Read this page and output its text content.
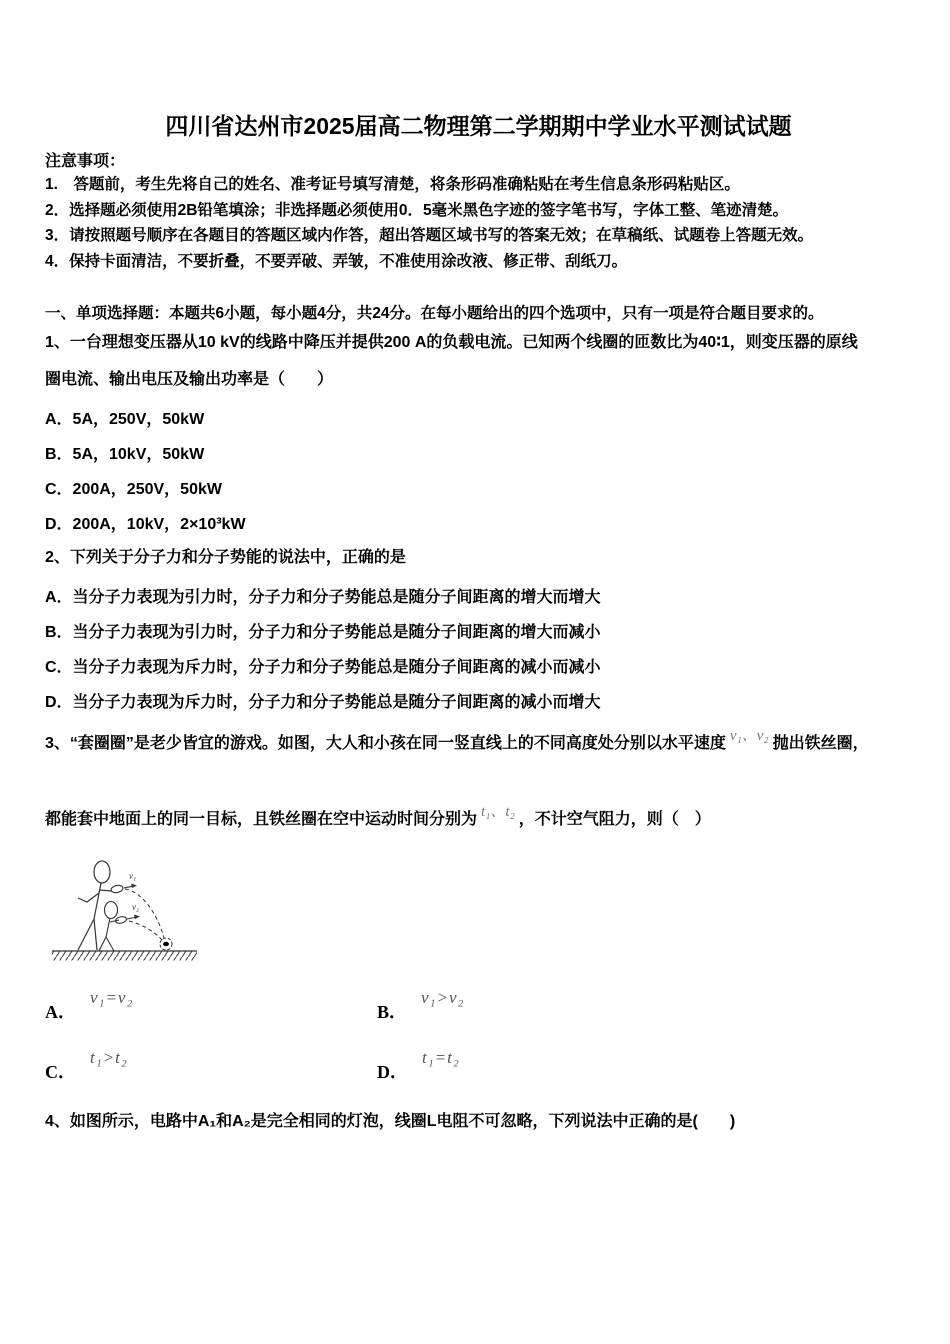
四川省达州市2025届高二物理第二学期期中学业水平测试试题
注意事项：
1.　答题前，考生先将自己的姓名、准考证号填写清楚，将条形码准确粘贴在考生信息条形码粘贴区。
2．选择题必须使用2B铅笔填涂；非选择题必须使用0．5毫米黑色字迹的签字笔书写，字体工整、笔迹清楚。
3．请按照题号顺序在各题目的答题区域内作答，超出答题区域书写的答案无效；在草稿纸、试题卷上答题无效。
4．保持卡面清洁，不要折叠，不要弄破、弄皱，不准使用涂改液、修正带、刮纸刀。
一、单项选择题：本题共6小题，每小题4分，共24分。在每小题给出的四个选项中，只有一项是符合题目要求的。
1、一台理想变压器从10 kV的线路中降压并提供200 A的负载电流。已知两个线圈的匝数比为40∶1，则变压器的原线
圈电流、输出电压及输出功率是（　　）
A．5A，250V，50kW
B．5A，10kV，50kW
C．200A，250V，50kW
D．200A，10kV，2×10³kW
2、下列关于分子力和分子势能的说法中，正确的是
A．当分子力表现为引力时，分子力和分子势能总是随分子间距离的增大而增大
B．当分子力表现为引力时，分子力和分子势能总是随分子间距离的增大而减小
C．当分子力表现为斥力时，分子力和分子势能总是随分子间距离的减小而减小
D．当分子力表现为斥力时，分子力和分子势能总是随分子间距离的减小而增大
3、“套圈圈”是老少皆宜的游戏。如图，大人和小孩在同一竖直线上的不同高度处分别以水平速度 v₁、v₂ 抛出铁丝圈，
都能套中地面上的同一目标，且铁丝圈在空中运动时间分别为 t₁、t₂ ，不计空气阻力，则（　）
v₁
v₂
A．
v₁=v₂
B．
v₁>v₂
C．
t₁>t₂
D．
t₁=t₂
4、如图所示，电路中A₁和A₂是完全相同的灯泡，线圈L电阻不可忽略，下列说法中正确的是(　　)
